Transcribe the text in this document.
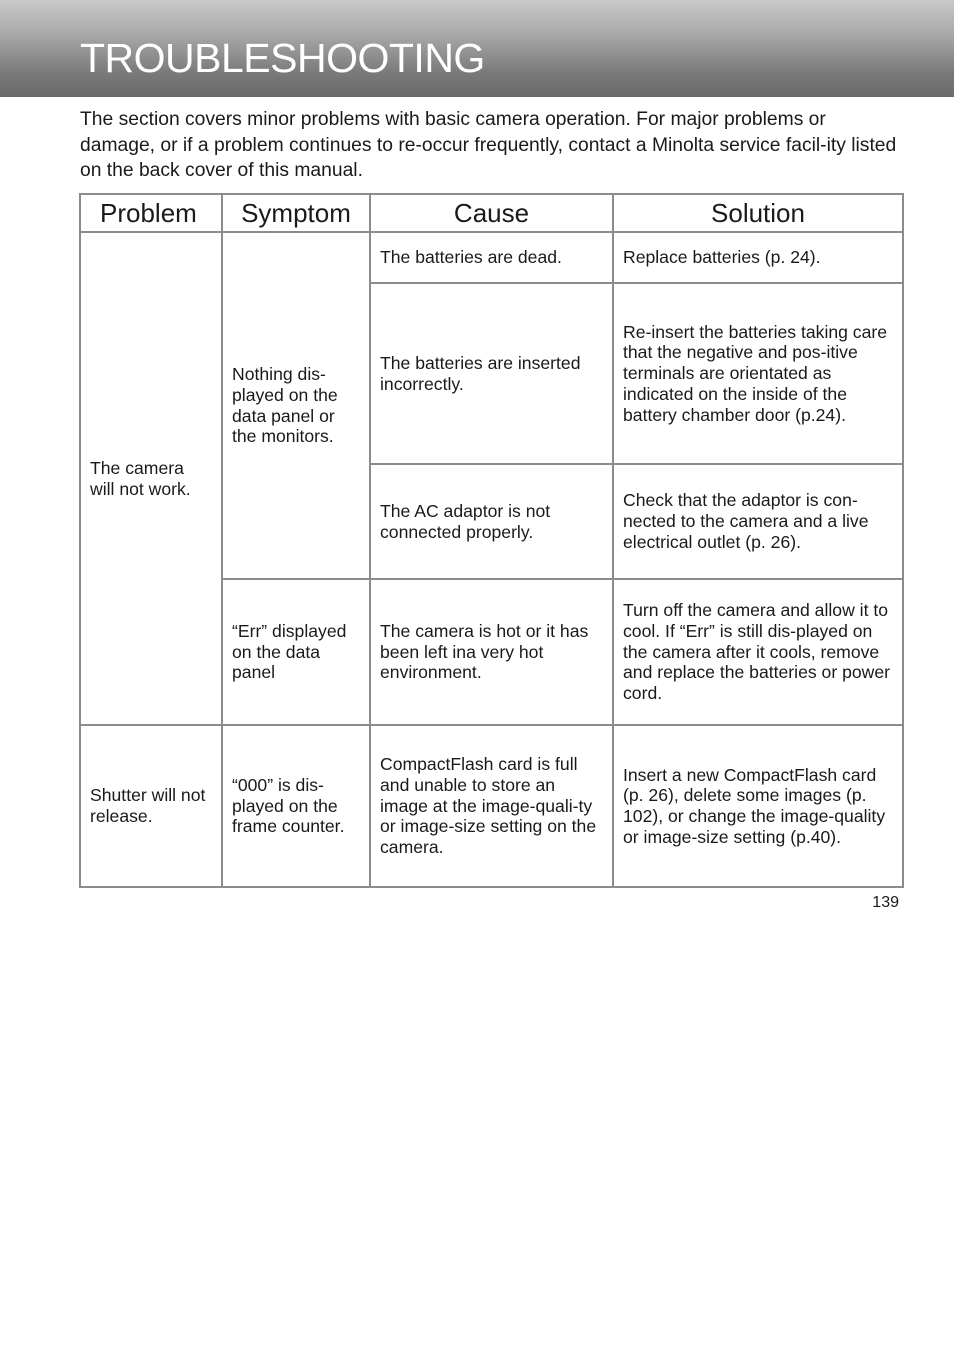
TROUBLESHOOTING

The section covers minor problems with basic camera operation. For major problems or damage, or if a problem continues to re-occur frequently, contact a Minolta service facil-ity listed on the back cover of this manual.

Problem	Symptom	Cause	Solution
The camera will not work.	Nothing dis-played on the data panel or the monitors.	The batteries are dead.	Replace batteries (p. 24).
		The batteries are inserted incorrectly.	Re-insert the batteries taking care that the negative and pos-itive terminals are orientated as indicated on the inside of the battery chamber door (p.24).
		The AC adaptor is not connected properly.	Check that the adaptor is con-nected to the camera and a live electrical outlet (p. 26).
	“Err” displayed on the data panel	The camera is hot or it has been left ina very hot environment.	Turn off the camera and allow it to cool. If “Err” is still dis-played on the camera after it cools, remove and replace the batteries or power cord.
Shutter will not release.	“000” is dis-played on the frame counter.	CompactFlash card is full and unable to store an image at the image-quali-ty or image-size setting on the camera.	Insert a new CompactFlash card (p. 26), delete some images (p. 102), or change the image-quality or image-size setting (p.40).
139
